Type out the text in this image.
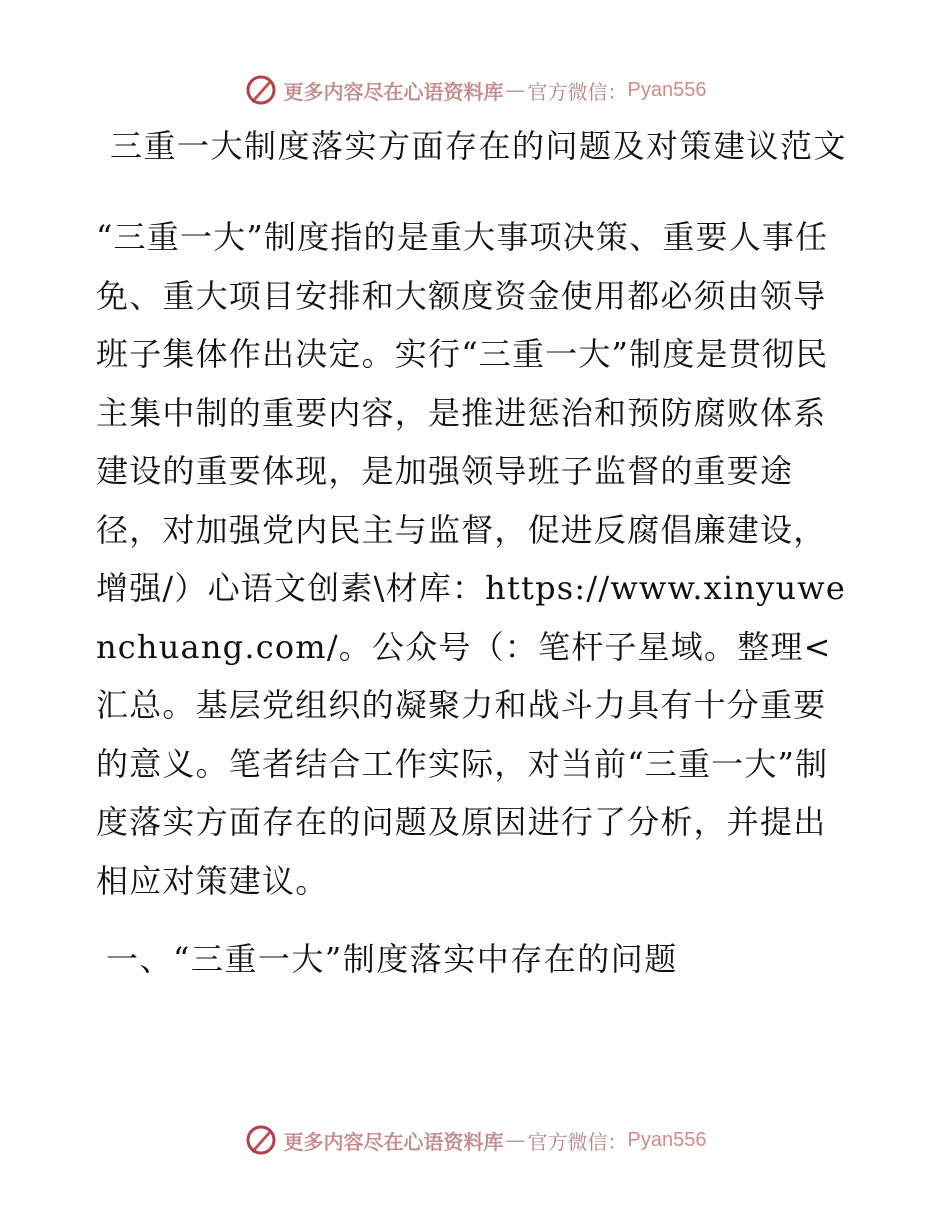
更多内容尽在心语资料库 — 官方微信： Pyan556
三重一大制度落实方面存在的问题及对策建议范文

“三重一大”制度指的是重大事项决策、重要人事任免、重大项目安排和大额度资金使用都必须由领导班子集体作出决定。实行“三重一大”制度是贯彻民主集中制的重要内容，是推进惩治和预防腐败体系建设的重要体现，是加强领导班子监督的重要途径，对加强党内民主与监督，促进反腐倡廉建设，增强/）心语文创素\材库：https://www.xinyuwenchuang.com/。公众号（：笔杆子星域。整理<汇总。基层党组织的凝聚力和战斗力具有十分重要的意义。笔者结合工作实际，对当前“三重一大”制度落实方面存在的问题及原因进行了分析，并提出相应对策建议。

一、“三重一大”制度落实中存在的问题
更多内容尽在心语资料库 — 官方微信： Pyan556
